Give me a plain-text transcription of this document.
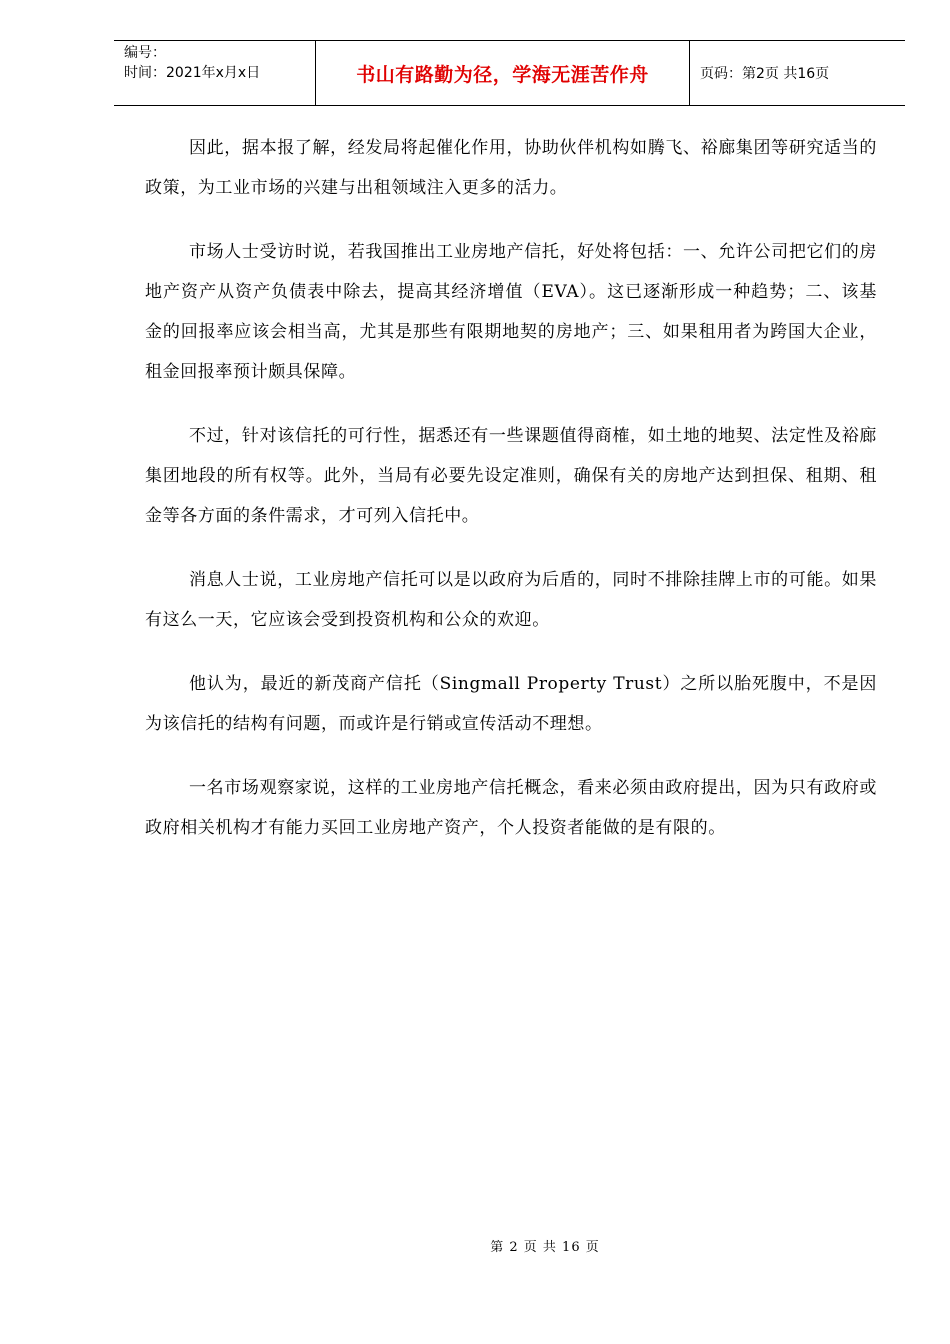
编号：
时间：2021年x月x日	书山有路勤为径，学海无涯苦作舟	页码：第2页 共16页

因此，据本报了解，经发局将起催化作用，协助伙伴机构如腾飞、裕廊集团等研究适当的政策，为工业市场的兴建与出租领域注入更多的活力。

市场人士受访时说，若我国推出工业房地产信托，好处将包括：一、允许公司把它们的房地产资产从资产负债表中除去，提高其经济增值（EVA）。这已逐渐形成一种趋势；二、该基金的回报率应该会相当高，尤其是那些有限期地契的房地产；三、如果租用者为跨国大企业，租金回报率预计颇具保障。

不过，针对该信托的可行性，据悉还有一些课题值得商榷，如土地的地契、法定性及裕廊集团地段的所有权等。此外，当局有必要先设定准则，确保有关的房地产达到担保、租期、租金等各方面的条件需求，才可列入信托中。

消息人士说，工业房地产信托可以是以政府为后盾的，同时不排除挂牌上市的可能。如果有这么一天，它应该会受到投资机构和公众的欢迎。

他认为，最近的新茂商产信托（Singmall Property Trust）之所以胎死腹中，不是因为该信托的结构有问题，而或许是行销或宣传活动不理想。

一名市场观察家说，这样的工业房地产信托概念，看来必须由政府提出，因为只有政府或政府相关机构才有能力买回工业房地产资产，个人投资者能做的是有限的。

第 2 页 共 16 页
